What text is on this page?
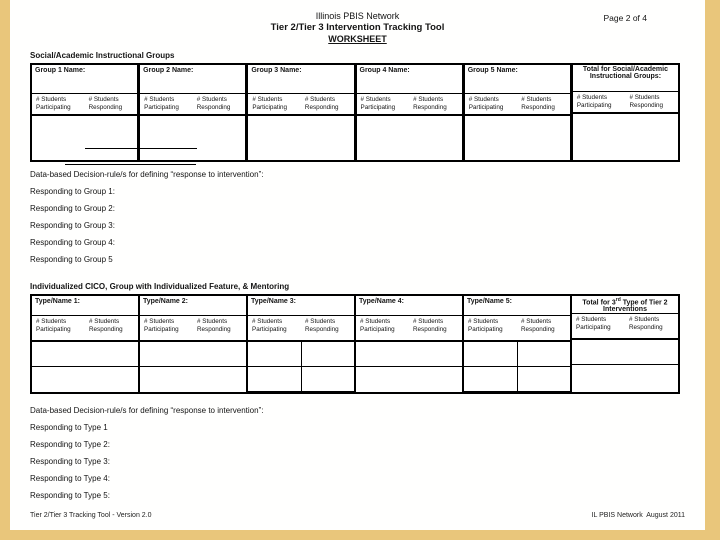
Illinois PBIS Network
Tier 2/Tier 3 Intervention Tracking Tool
WORKSHEET
Page 2 of 4
Social/Academic Instructional Groups
Group 1 Name:
# Students
Participating
# Students
Responding
Group 2 Name:
# Students
Participating
# Students
Responding
Group 3 Name:
# Students
Participating
# Students
Responding
Group 4 Name:
# Students
Participating
# Students
Responding
Group 5 Name:
# Students
Participating
# Students
Responding
Total for Social/Academic Instructional Groups:
# Students
Participating
# Students
Responding
Data-based Decision-rule/s for defining “response to intervention”:
Responding to Group 1:
Responding to Group 2:
Responding to Group 3:
Responding to Group 4:
Responding to Group 5
Individualized CICO, Group with Individualized Feature, & Mentoring
Type/Name 1:
# Students
Participating
# Students
Responding
Type/Name 2:
# Students
Participating
# Students
Responding
Type/Name 3:
# Students
Participating
# Students
Responding
Type/Name 4:
# Students
Participating
# Students
Responding
Type/Name 5:
# Students
Participating
# Students
Responding
Total for 3rd Type of Tier 2 Interventions
# Students
Participating
# Students
Responding
Data-based Decision-rule/s for defining “response to intervention”:
Responding to Type 1
Responding to Type 2:
Responding to Type 3:
Responding to Type 4:
Responding to Type 5:
Tier 2/Tier 3 Tracking Tool - Version 2.0	IL PBIS Network  August 2011
